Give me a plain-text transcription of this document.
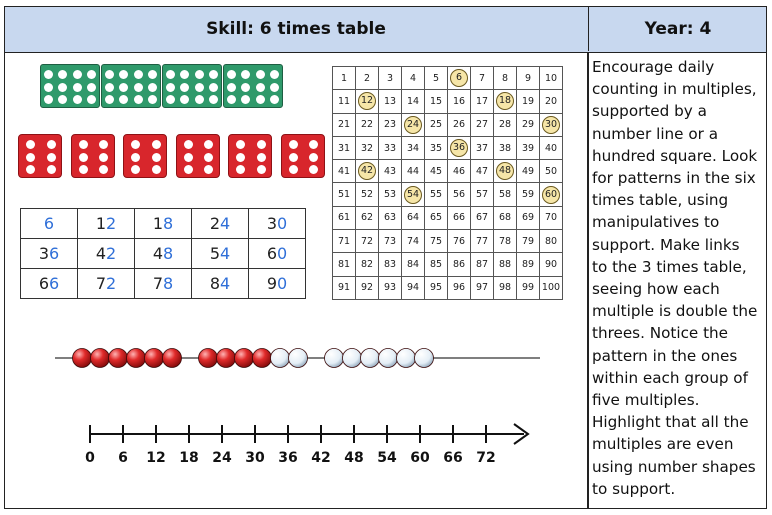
Skill: 6 times table	Year: 4
Encourage daily counting in multiples, supported by a number line or a hundred square. Look for patterns in the six times table, using manipulatives to support. Make links to the 3 times table, seeing how each multiple is double the threes. Notice the pattern in the ones within each group of five multiples. Highlight that all the multiples are even using number shapes to support.
6	12	18	24	30
36	42	48	54	60
66	72	78	84	90
1	2	3	4	5	6	7	8	9	10
11	12	13	14	15	16	17	18	19	20
21	22	23	24	25	26	27	28	29	30
31	32	33	34	35	36	37	38	39	40
41	42	43	44	45	46	47	48	49	50
51	52	53	54	55	56	57	58	59	60
61	62	63	64	65	66	67	68	69	70
71	72	73	74	75	76	77	78	79	80
81	82	83	84	85	86	87	88	89	90
91	92	93	94	95	96	97	98	99	100
0 6 12 18 24 30 36 42 48 54 60 66 72
